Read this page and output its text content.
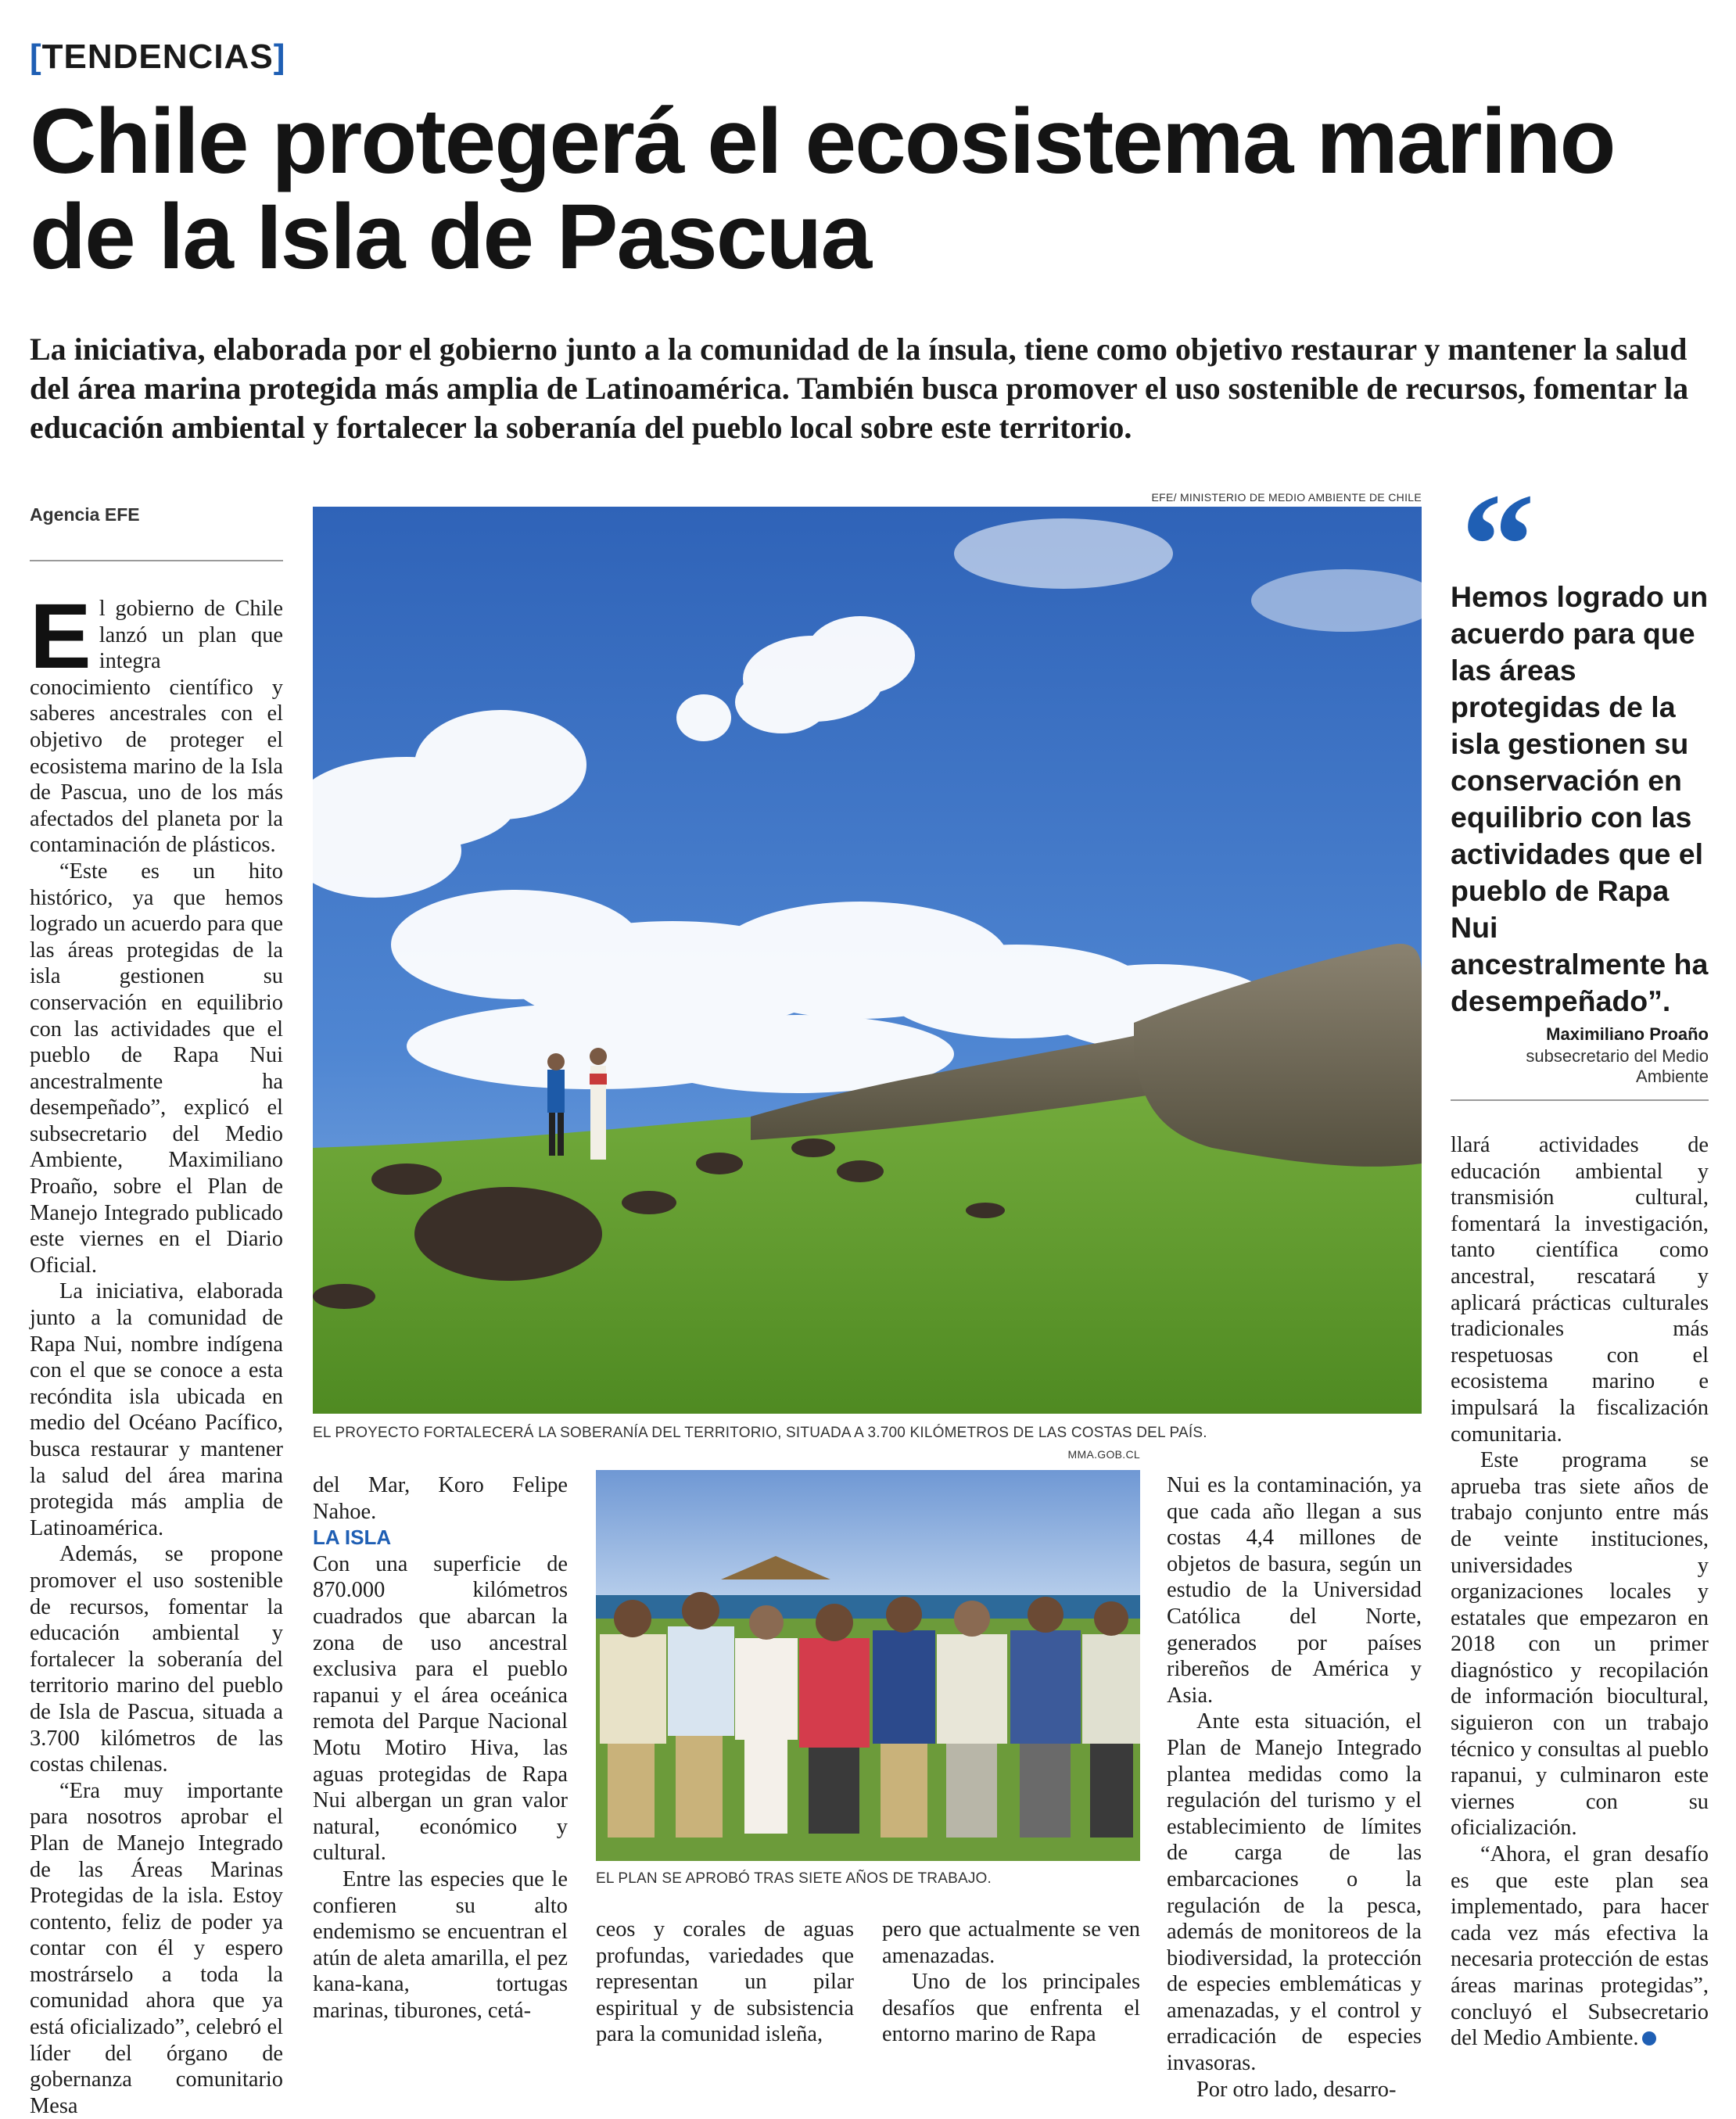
[TENDENCIAS]
Chile protegerá el ecosistema marino de la Isla de Pascua
La iniciativa, elaborada por el gobierno junto a la comunidad de la ínsula, tiene como objetivo restaurar y mantener la salud del área marina protegida más amplia de Latinoamérica. También busca promover el uso sostenible de recursos, fomentar la educación ambiental y fortalecer la soberanía del pueblo local sobre este territorio.
Agencia EFE

El gobierno de Chile lanzó un plan que integra conocimiento científico y saberes ancestrales con el objetivo de proteger el ecosistema marino de la Isla de Pascua, uno de los más afectados del planeta por la contaminación de plásticos.

“Este es un hito histórico, ya que hemos logrado un acuerdo para que las áreas protegidas de la isla gestionen su conservación en equilibrio con las actividades que el pueblo de Rapa Nui ancestralmente ha desempeñado”, explicó el subsecretario del Medio Ambiente, Maximiliano Proaño, sobre el Plan de Manejo Integrado publicado este viernes en el Diario Oficial.

La iniciativa, elaborada junto a la comunidad de Rapa Nui, nombre indígena con el que se conoce a esta recóndita isla ubicada en medio del Océano Pacífico, busca restaurar y mantener la salud del área marina protegida más amplia de Latinoamérica.

Además, se propone promover el uso sostenible de recursos, fomentar la educación ambiental y fortalecer la soberanía del territorio marino del pueblo de Isla de Pascua, situada a 3.700 kilómetros de las costas chilenas.

“Era muy importante para nosotros aprobar el Plan de Manejo Integrado de las Áreas Marinas Protegidas de la isla. Estoy contento, feliz de poder ya contar con él y espero mostrárselo a toda la comunidad ahora que ya está oficializado”, celebró el líder del órgano de gobernanza comunitario Mesa

EFE/ MINISTERIO DE MEDIO AMBIENTE DE CHILE
EL PROYECTO FORTALECERÁ LA SOBERANÍA DEL TERRITORIO, SITUADA A 3.700 KILÓMETROS DE LAS COSTAS DEL PAÍS.

del Mar, Koro Felipe Nahoe.

LA ISLA

Con una superficie de 870.000 kilómetros cuadrados que abarcan la zona de uso ancestral exclusiva para el pueblo rapanui y el área oceánica remota del Parque Nacional Motu Motiro Hiva, las aguas protegidas de Rapa Nui albergan un gran valor natural, económico y cultural.

Entre las especies que le confieren su alto endemismo se encuentran el atún de aleta amarilla, el pez kana-kana, tortugas marinas, tiburones, cetá-

MMA.GOB.CL
EL PLAN SE APROBÓ TRAS SIETE AÑOS DE TRABAJO.

ceos y corales de aguas profundas, variedades que representan un pilar espiritual y de subsistencia para la comunidad isleña,

pero que actualmente se ven amenazadas.

Uno de los principales desafíos que enfrenta el entorno marino de Rapa

Nui es la contaminación, ya que cada año llegan a sus costas 4,4 millones de objetos de basura, según un estudio de la Universidad Católica del Norte, generados por países ribereños de América y Asia.

Ante esta situación, el Plan de Manejo Integrado plantea medidas como la regulación del turismo y el establecimiento de límites de carga de las embarcaciones o la regulación de la pesca, además de monitoreos de la biodiversidad, la protección de especies emblemáticas y amenazadas, y el control y erradicación de especies invasoras.

Por otro lado, desarro-

“
Hemos logrado un acuerdo para que las áreas protegidas de la isla gestionen su conservación en equilibrio con las actividades que el pueblo de Rapa Nui ancestralmente ha desempeñado”.
Maximiliano Proaño
subsecretario del Medio Ambiente

llará actividades de educación ambiental y transmisión cultural, fomentará la investigación, tanto científica como ancestral, rescatará y aplicará prácticas culturales tradicionales más respetuosas con el ecosistema marino e impulsará la fiscalización comunitaria.

Este programa se aprueba tras siete años de trabajo conjunto entre más de veinte instituciones, universidades y organizaciones locales y estatales que empezaron en 2018 con un primer diagnóstico y recopilación de información biocultural, siguieron con un trabajo técnico y consultas al pueblo rapanui, y culminaron este viernes con su oficialización.

“Ahora, el gran desafío es que este plan sea implementado, para hacer cada vez más efectiva la necesaria protección de estas áreas marinas protegidas”, concluyó el Subsecretario del Medio Ambiente.
